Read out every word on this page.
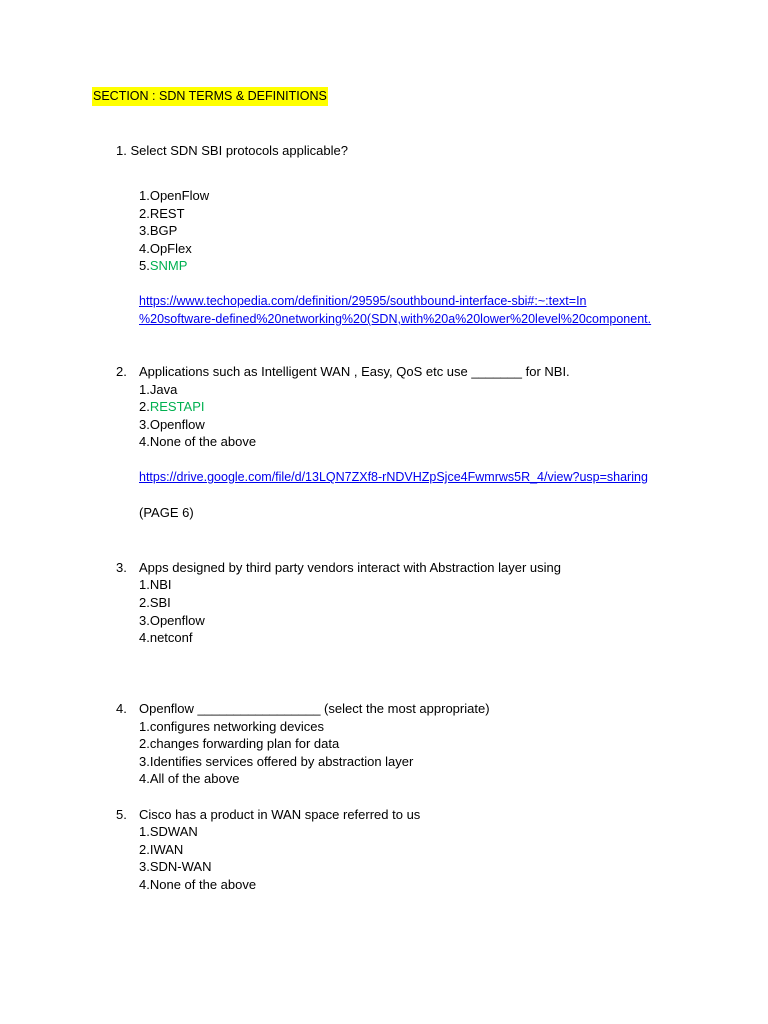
SECTION : SDN TERMS & DEFINITIONS
1. Select SDN SBI protocols applicable?
1.OpenFlow
2.REST
3.BGP
4.OpFlex
5.SNMP
https://www.techopedia.com/definition/29595/southbound-interface-sbi#:~:text=In
%20software-defined%20networking%20(SDN,with%20a%20lower%20level%20component.
2. Applications such as Intelligent WAN , Easy, QoS etc use _______ for NBI.
1.Java
2.RESTAPI
3.Openflow
4.None of the above
https://drive.google.com/file/d/13LQN7ZXf8-rNDVHZpSjce4Fwmrws5R_4/view?usp=sharing
(PAGE 6)
3. Apps designed by third party vendors interact with Abstraction layer using
1.NBI
2.SBI
3.Openflow
4.netconf
4. Openflow _________________ (select the most appropriate)
1.configures networking devices
2.changes forwarding plan for data
3.Identifies services offered by abstraction layer
4.All of the above
5. Cisco has a product in WAN space referred to us
1.SDWAN
2.IWAN
3.SDN-WAN
4.None of the above
